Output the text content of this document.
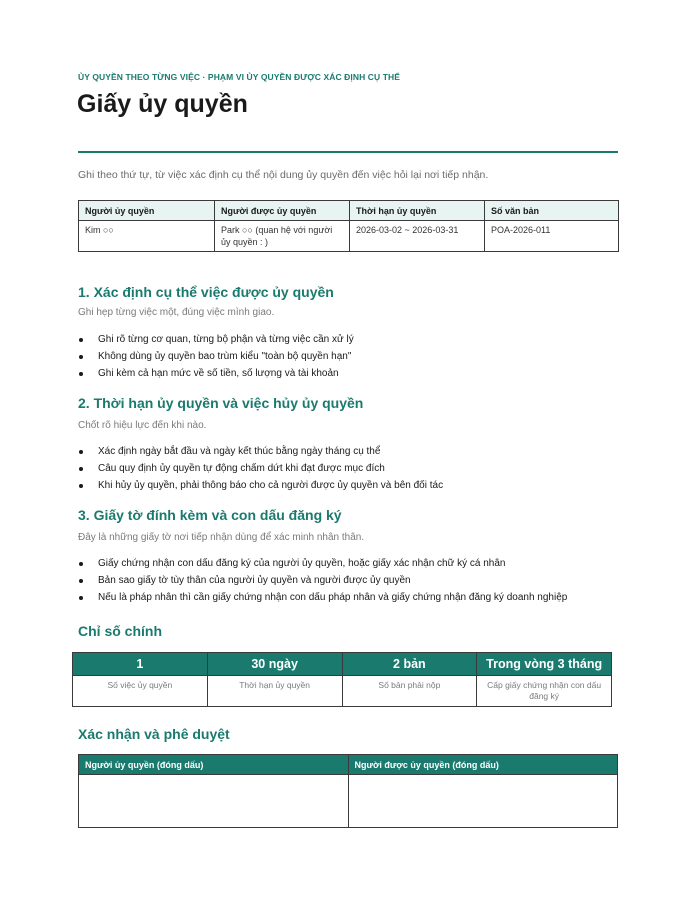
ỦY QUYỀN THEO TỪNG VIỆC · PHẠM VI ỦY QUYỀN ĐƯỢC XÁC ĐỊNH CỤ THỂ
Giấy ủy quyền
Ghi theo thứ tự, từ việc xác định cụ thể nội dung ủy quyền đến việc hỏi lại nơi tiếp nhận.
Người ủy quyền	Người được ủy quyền	Thời hạn ủy quyền	Số văn bản
Kim ○○	Park ○○ (quan hệ với người ủy quyền : )	2026-03-02 ~ 2026-03-31	POA-2026-011
1. Xác định cụ thể việc được ủy quyền
Ghi hẹp từng việc một, đúng việc mình giao.
Ghi rõ từng cơ quan, từng bộ phận và từng việc cần xử lý
Không dùng ủy quyền bao trùm kiểu "toàn bộ quyền hạn"
Ghi kèm cả hạn mức về số tiền, số lượng và tài khoản
2. Thời hạn ủy quyền và việc hủy ủy quyền
Chốt rõ hiệu lực đến khi nào.
Xác định ngày bắt đầu và ngày kết thúc bằng ngày tháng cụ thể
Câu quy định ủy quyền tự động chấm dứt khi đạt được mục đích
Khi hủy ủy quyền, phải thông báo cho cả người được ủy quyền và bên đối tác
3. Giấy tờ đính kèm và con dấu đăng ký
Đây là những giấy tờ nơi tiếp nhận dùng để xác minh nhân thân.
Giấy chứng nhận con dấu đăng ký của người ủy quyền, hoặc giấy xác nhận chữ ký cá nhân
Bản sao giấy tờ tùy thân của người ủy quyền và người được ủy quyền
Nếu là pháp nhân thì cần giấy chứng nhận con dấu pháp nhân và giấy chứng nhận đăng ký doanh nghiệp
Chỉ số chính
1	30 ngày	2 bản	Trong vòng 3 tháng
Số việc ủy quyền	Thời hạn ủy quyền	Số bản phải nộp	Cấp giấy chứng nhận con dấu đăng ký
Xác nhận và phê duyệt
Người ủy quyền (đóng dấu)	Người được ủy quyền (đóng dấu)
